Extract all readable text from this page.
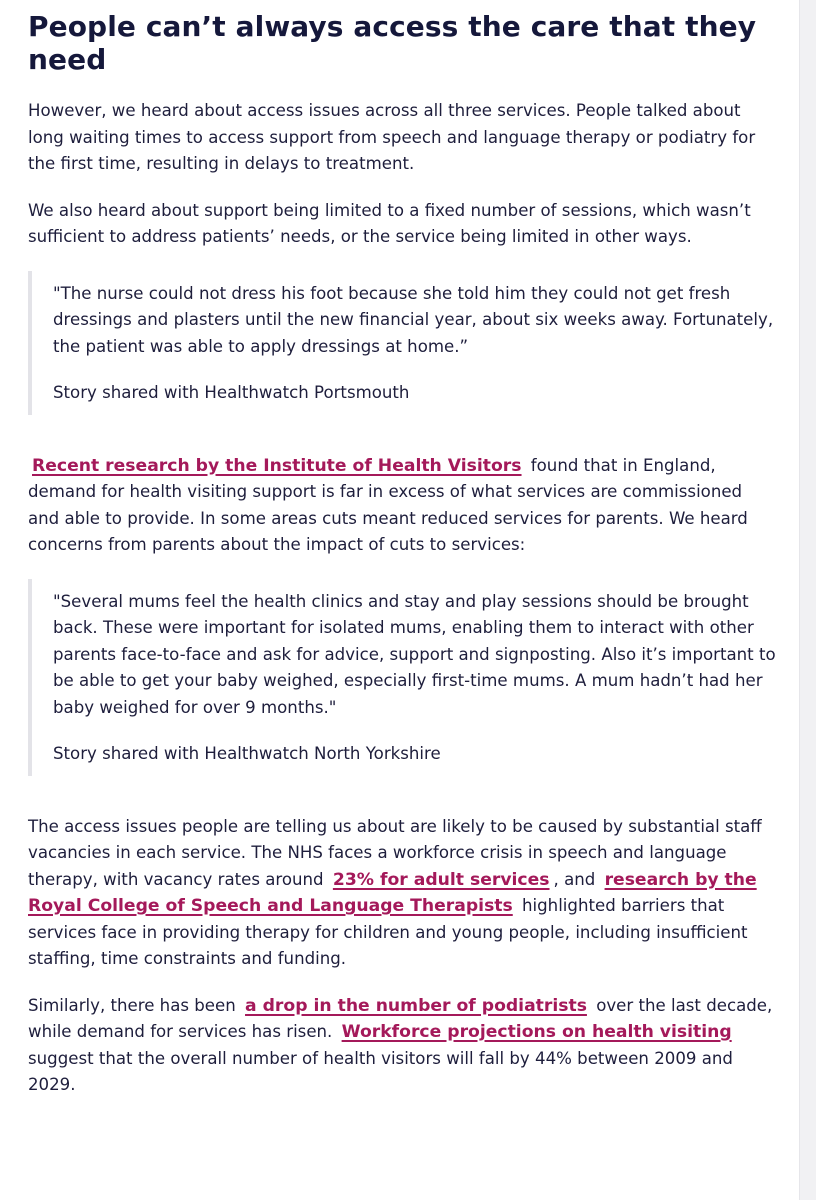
People can’t always access the care that they need

However, we heard about access issues across all three services. People talked about long waiting times to access support from speech and language therapy or podiatry for the first time, resulting in delays to treatment.

We also heard about support being limited to a fixed number of sessions, which wasn’t sufficient to address patients’ needs, or the service being limited in other ways.

"The nurse could not dress his foot because she told him they could not get fresh dressings and plasters until the new financial year, about six weeks away. Fortunately, the patient was able to apply dressings at home.”

Story shared with Healthwatch Portsmouth

Recent research by the Institute of Health Visitors found that in England, demand for health visiting support is far in excess of what services are commissioned and able to provide. In some areas cuts meant reduced services for parents. We heard concerns from parents about the impact of cuts to services:

"Several mums feel the health clinics and stay and play sessions should be brought back. These were important for isolated mums, enabling them to interact with other parents face-to-face and ask for advice, support and signposting. Also it’s important to be able to get your baby weighed, especially first-time mums. A mum hadn’t had her baby weighed for over 9 months."

Story shared with Healthwatch North Yorkshire

The access issues people are telling us about are likely to be caused by substantial staff vacancies in each service. The NHS faces a workforce crisis in speech and language therapy, with vacancy rates around 23% for adult services , and research by the Royal College of Speech and Language Therapists highlighted barriers that services face in providing therapy for children and young people, including insufficient staffing, time constraints and funding.

Similarly, there has been a drop in the number of podiatrists over the last decade, while demand for services has risen. Workforce projections on health visiting suggest that the overall number of health visitors will fall by 44% between 2009 and 2029.
